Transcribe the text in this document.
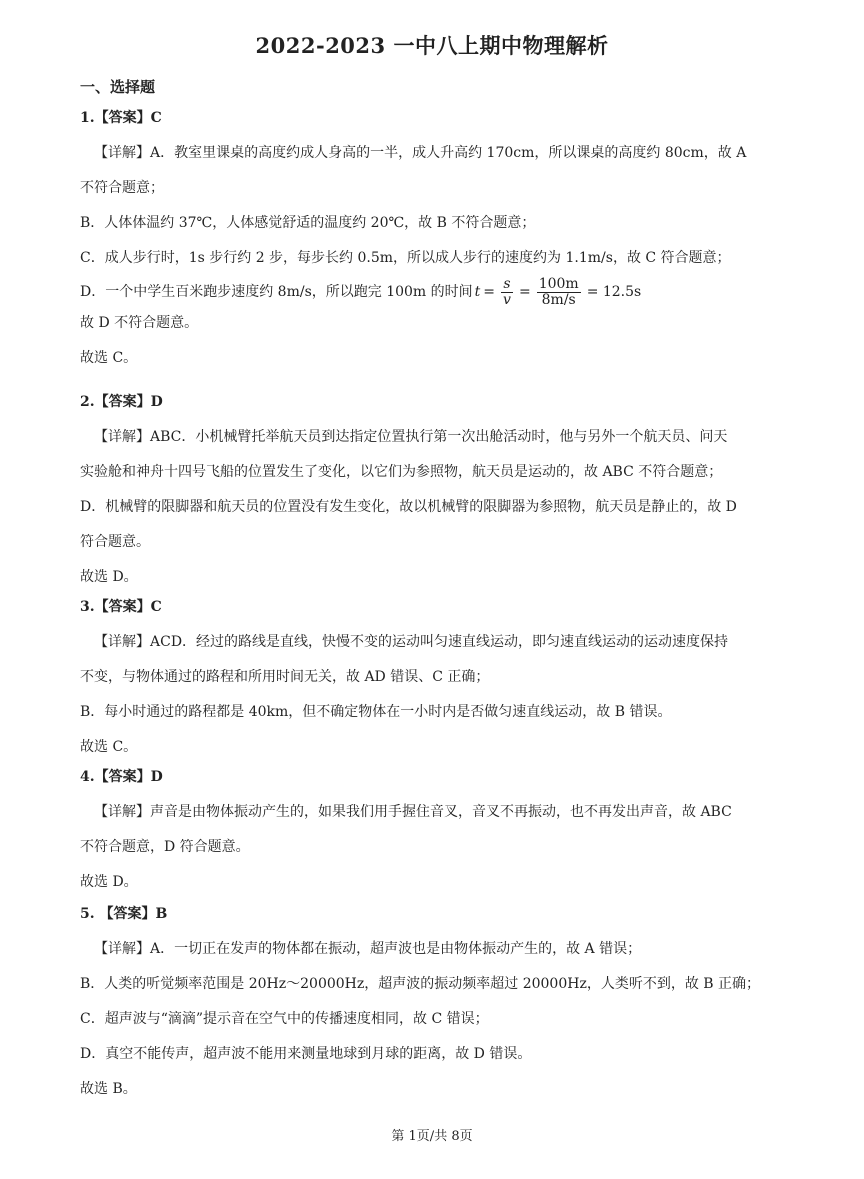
2022-2023 一中八上期中物理解析
一、选择题
1.【答案】C
【详解】A．教室里课桌的高度约成人身高的一半，成人升高约 170cm，所以课桌的高度约 80cm，故 A
不符合题意；
B．人体体温约 37℃，人体感觉舒适的温度约 20℃，故 B 不符合题意；
C．成人步行时，1s 步行约 2 步，每步长约 0.5m，所以成人步行的速度约为 1.1m/s，故 C 符合题意；
D．一个中学生百米跑步速度约 8m/s，所以跑完 100m 的时间 $t = \frac{s}{v} = \frac{100m}{8m/s} = 12.5s$
故 D 不符合题意。
故选 C。
2.【答案】D
【详解】ABC．小机械臂托举航天员到达指定位置执行第一次出舱活动时，他与另外一个航天员、问天
实验舱和神舟十四号飞船的位置发生了变化，以它们为参照物，航天员是运动的，故 ABC 不符合题意；
D．机械臂的限脚器和航天员的位置没有发生变化，故以机械臂的限脚器为参照物，航天员是静止的，故 D
符合题意。
故选 D。
3.【答案】C
【详解】ACD．经过的路线是直线，快慢不变的运动叫匀速直线运动，即匀速直线运动的运动速度保持
不变，与物体通过的路程和所用时间无关，故 AD 错误、C 正确；
B．每小时通过的路程都是 40km，但不确定物体在一小时内是否做匀速直线运动，故 B 错误。
故选 C。
4.【答案】D
【详解】声音是由物体振动产生的，如果我们用手握住音叉，音叉不再振动，也不再发出声音，故 ABC
不符合题意，D 符合题意。
故选 D。
5. 【答案】B
【详解】A．一切正在发声的物体都在振动，超声波也是由物体振动产生的，故 A 错误；
B．人类的听觉频率范围是 20Hz～20000Hz，超声波的振动频率超过 20000Hz，人类听不到，故 B 正确；
C．超声波与“滴滴”提示音在空气中的传播速度相同，故 C 错误；
D．真空不能传声，超声波不能用来测量地球到月球的距离，故 D 错误。
故选 B。
第 1页/共 8页
